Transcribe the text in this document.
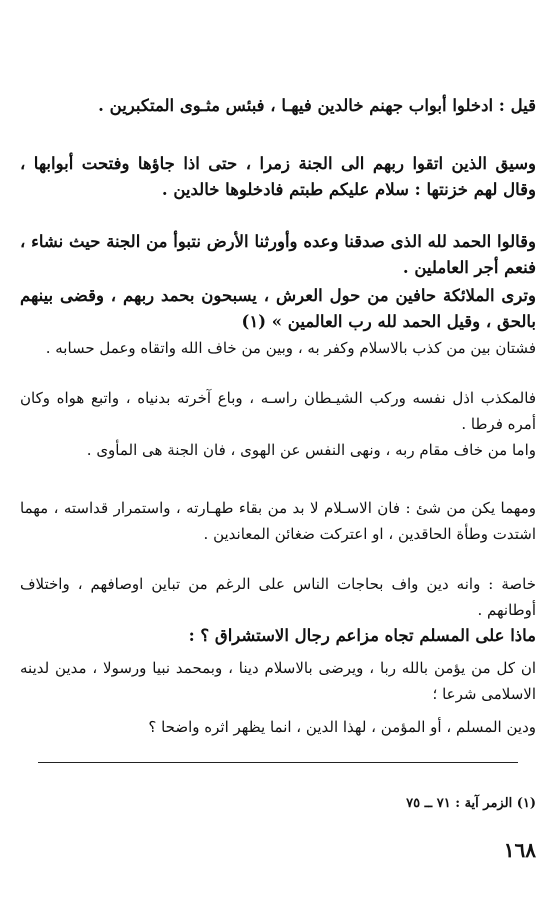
قيل : ادخلوا أبواب جهنم خالدين فيهـا ، فبئس مثـوى المتكبرين .

وسيق الذين اتقوا ربهم الى الجنة زمرا ، حتى اذا جاؤها وفتحت أبوابها ، وقال لهم خزنتها : سلام عليكم طبتم فادخلوها خالدين .

وقالوا الحمد لله الذى صدقنا وعده وأورثنا الأرض نتبوأ من الجنة حيث نشاء ، فنعم أجر العاملين .

وترى الملائكة حافين من حول العرش ، يسبحون بحمد ربهم ، وقضى بينهم بالحق ، وقيل الحمد لله رب العالمين » (١)

فشتان بين من كذب بالاسلام وكفر به ، وبين من خاف الله واتقاه وعمل حسابه .

فالمكذب اذل نفسه وركب الشيـطان راسـه ، وباع آخرته بدنياه ، واتبع هواه وكان أمره فرطا .

واما من خاف مقام ربه ، ونهى النفس عن الهوى ، فان الجنة هى المأوى .

ومهما يكن من شئ : فان الاسـلام لا بد من بقاء طهـارته ، واستمرار قداسته ، مهما اشتدت وطأة الحاقدين ، او اعترکت ضغائن المعاندين .

خاصة : وانه دين واف بحاجات الناس على الرغم من تباين اوصافهم ، واختلاف أوطانهم .

ماذا على المسلم تجاه مزاعم رجال الاستشراق ؟ :

ان كل من يؤمن بالله ربا ، ويرضى بالاسلام دينا ، وبمحمد نبيا ورسولا ، مدين لدينه الاسلامى شرعا ؛

ودين المسلم ، أو المؤمن ، لهذا الدين ، انما يظهر اثره واضحا ؟

(١) الزمر آية : ٧١ ــ ٧٥
١٦٨
